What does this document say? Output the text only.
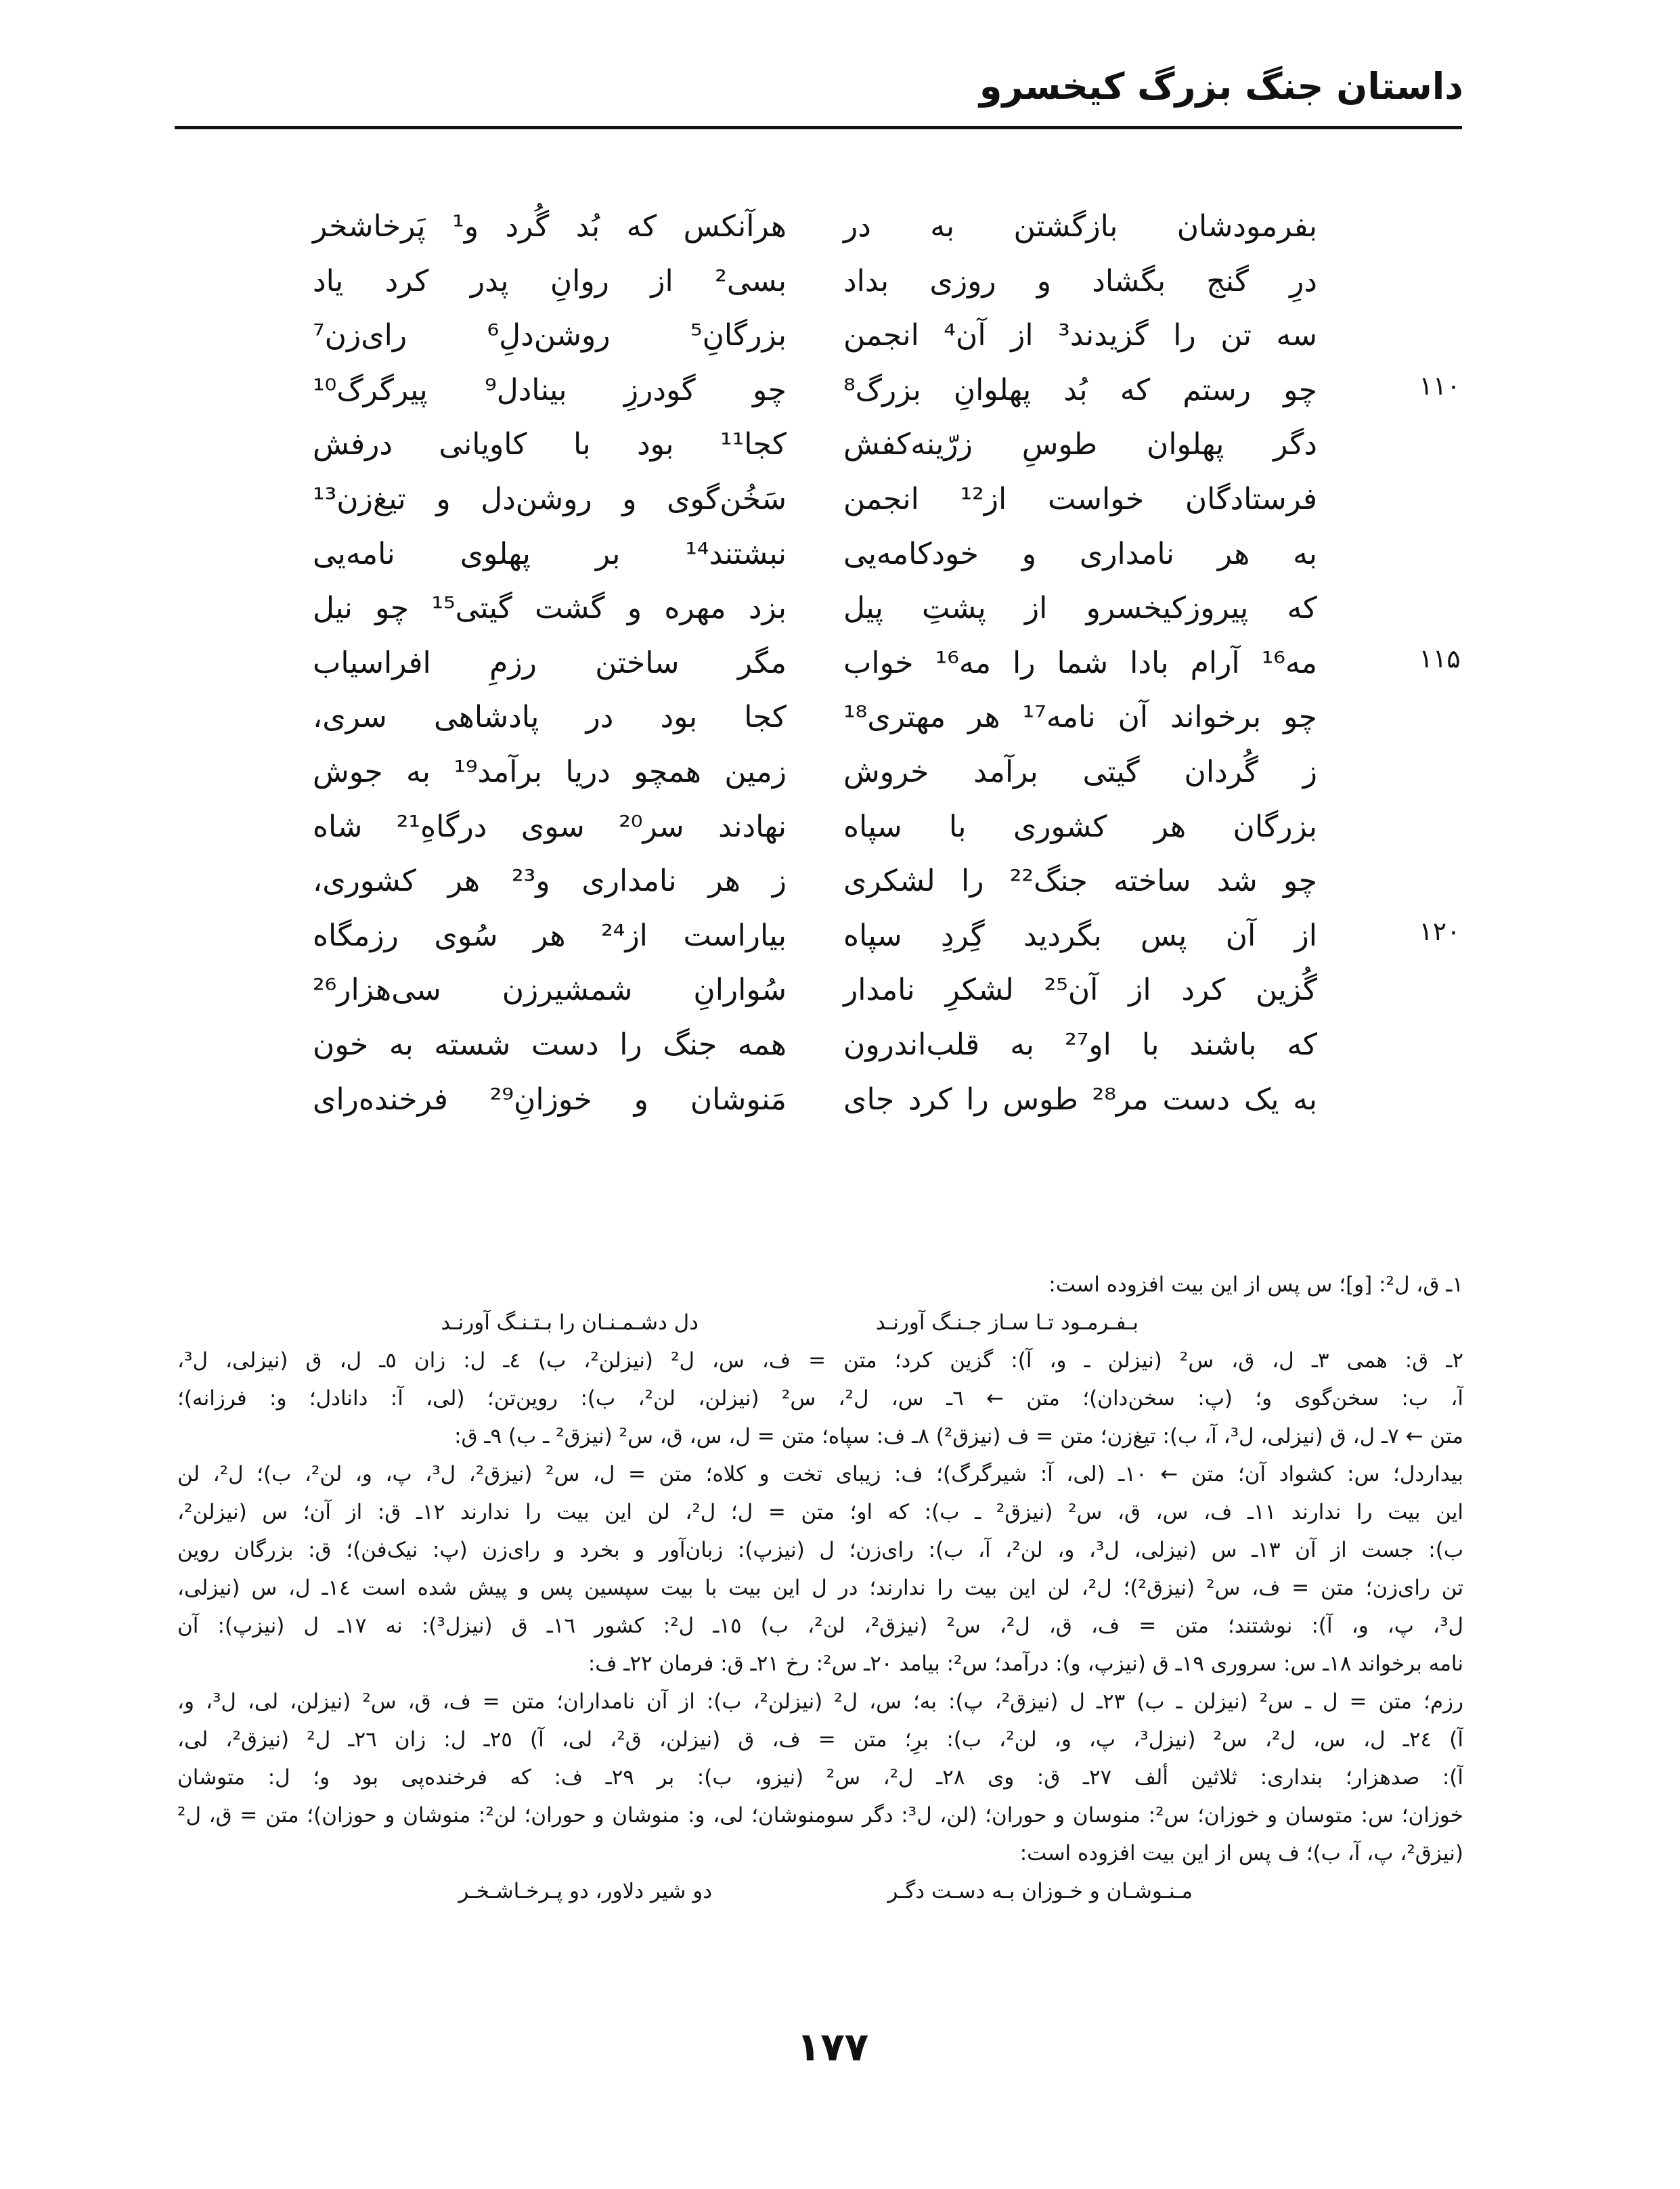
داستان جنگ بزرگ کیخسرو
بفرمودشان بازگشتن به در
هرآنکس که بُد گُرد و¹ پَرخاشخر
درِ گنج بگشاد و روزی بداد
بسی² از روانِ پدر کرد یاد
سه تن را گزیدند³ از آن⁴ انجمن
بزرگانِ⁵ روشن‌دلِ⁶ رای‌زن⁷
۱۱۰
چو رستم که بُد پهلوانِ بزرگ⁸
چو گودرزِ بینادل⁹ پیرگرگ¹⁰
دگر پهلوان طوسِ زرّینه‌کفش
کجا¹¹ بود با کاویانی درفش
فرستادگان خواست از¹² انجمن
سَخُن‌گوی و روشن‌دل و تیغ‌زن¹³
به هر نامداری و خودکامه‌یی
نبشتند¹⁴ بر پهلوی نامه‌یی
که پیروزکیخسرو از پشتِ پیل
بزد مهره و گشت گیتی¹⁵ چو نیل
۱۱۵
مه¹⁶ آرام بادا شما را مه¹⁶ خواب
مگر ساختن رزمِ افراسیاب
چو برخواند آن نامه¹⁷ هر مهتری¹⁸
کجا بود در پادشاهی سری،
ز گُردان گیتی برآمد خروش
زمین همچو دریا برآمد¹⁹ به جوش
بزرگان هر کشوری با سپاه
نهادند سر²⁰ سوی درگاهِ²¹ شاه
چو شد ساخته جنگ²² را لشکری
ز هر نامداری و²³ هر کشوری،
۱۲۰
از آن پس بگردید گِردِ سپاه
بیاراست از²⁴ هر سُوی رزمگاه
گُزین کرد از آن²⁵ لشکرِ نامدار
سُوارانِ شمشیرزن سی‌هزار²⁶
که باشند با او²⁷ به قلب‌اندرون
همه جنگ را دست شسته به خون
به یک دست مر²⁸ طوس را کرد جای
مَنوشان و خوزانِ²⁹ فرخنده‌رای
۱ـ ق، ل²: [و]؛ س پس از این بیت افزوده است:
بـفـرمـود تـا سـاز جـنـگ آورنـد
دل دشـمـنـان را بـتـنـگ آورنـد
۲ـ ق: همی ۳ـ ل، ق، س² (نیزلن ـ و، آ): گزین کرد؛ متن = ف، س، ل² (نیزلن²، ب) ٤ـ ل: زان ٥ـ ل، ق (نیزلی، ل³،
آ، ب: سخن‌گوی و؛ (پ: سخن‌دان)؛ متن ← ٦ـ س، ل²، س² (نیزلن، لن²، ب): روین‌تن؛ (لی، آ: دانادل؛ و: فرزانه)؛
متن ← ٧ـ ل، ق (نیزلی، ل³، آ، ب): تیغ‌زن؛ متن = ف (نیزق²) ٨ـ ف: سپاه؛ متن = ل، س، ق، س² (نیزق² ـ ب) ٩ـ ق:
بیداردل؛ س: کشواد آن؛ متن ← ١٠ـ (لی، آ: شیرگرگ)؛ ف: زیبای تخت و کلاه؛ متن = ل، س² (نیزق²، ل³، پ، و، لن²، ب)؛ ل²، لن
این بیت را ندارند ١١ـ ف، س، ق، س² (نیزق² ـ ب): که او؛ متن = ل؛ ل²، لن این بیت را ندارند ١٢ـ ق: از آن؛ س (نیزلن²،
ب): جست از آن ١٣ـ س (نیزلی، ل³، و، لن²، آ، ب): رای‌زن؛ ل (نیزپ): زبان‌آور و بخرد و رای‌زن (پ: نیک‌فن)؛ ق: بزرگان روین
تن رای‌زن؛ متن = ف، س² (نیزق²)؛ ل²، لن این بیت را ندارند؛ در ل این بیت با بیت سپسین پس و پیش شده است ١٤ـ ل، س (نیزلی،
ل³، پ، و، آ): نوشتند؛ متن = ف، ق، ل²، س² (نیزق²، لن²، ب) ١٥ـ ل²: کشور ١٦ـ ق (نیزل³): نه ١٧ـ ل (نیزپ): آن
نامه برخواند ١٨ـ س: سروری ١٩ـ ق (نیزپ، و): درآمد؛ س²: بیامد ٢٠ـ س²: رخ ٢١ـ ق: فرمان ٢٢ـ ف:
رزم؛ متن = ل ـ س² (نیزلن ـ ب) ٢٣ـ ل (نیزق²، پ): به؛ س، ل² (نیزلن²، ب): از آن نامداران؛ متن = ف، ق، س² (نیزلن، لی، ل³، و،
آ) ٢٤ـ ل، س، ل²، س² (نیزل³، پ، و، لن²، ب): برِ؛ متن = ف، ق (نیزلن، ق²، لی، آ) ٢٥ـ ل: زان ٢٦ـ ل² (نیزق²، لی،
آ): صدهزار؛ بنداری: ثلاثین ألف ٢٧ـ ق: وی ٢٨ـ ل²، س² (نیزو، ب): بر ٢٩ـ ف: که فرخنده‌پی بود و؛ ل: متوشان
خوزان؛ س: متوسان و خوزان؛ س²: منوسان و حوران؛ (لن، ل³: دگر سومنوشان؛ لی، و: منوشان و حوران؛ لن²: منوشان و حوزان)؛ متن = ق، ل²
(نیزق²، پ، آ، ب)؛ ف پس از این بیت افزوده است:
مـنـوشـان و خـوزان بـه دسـت دگـر
دو شیر دلاور، دو پـرخـاشـخـر
۱۷۷
